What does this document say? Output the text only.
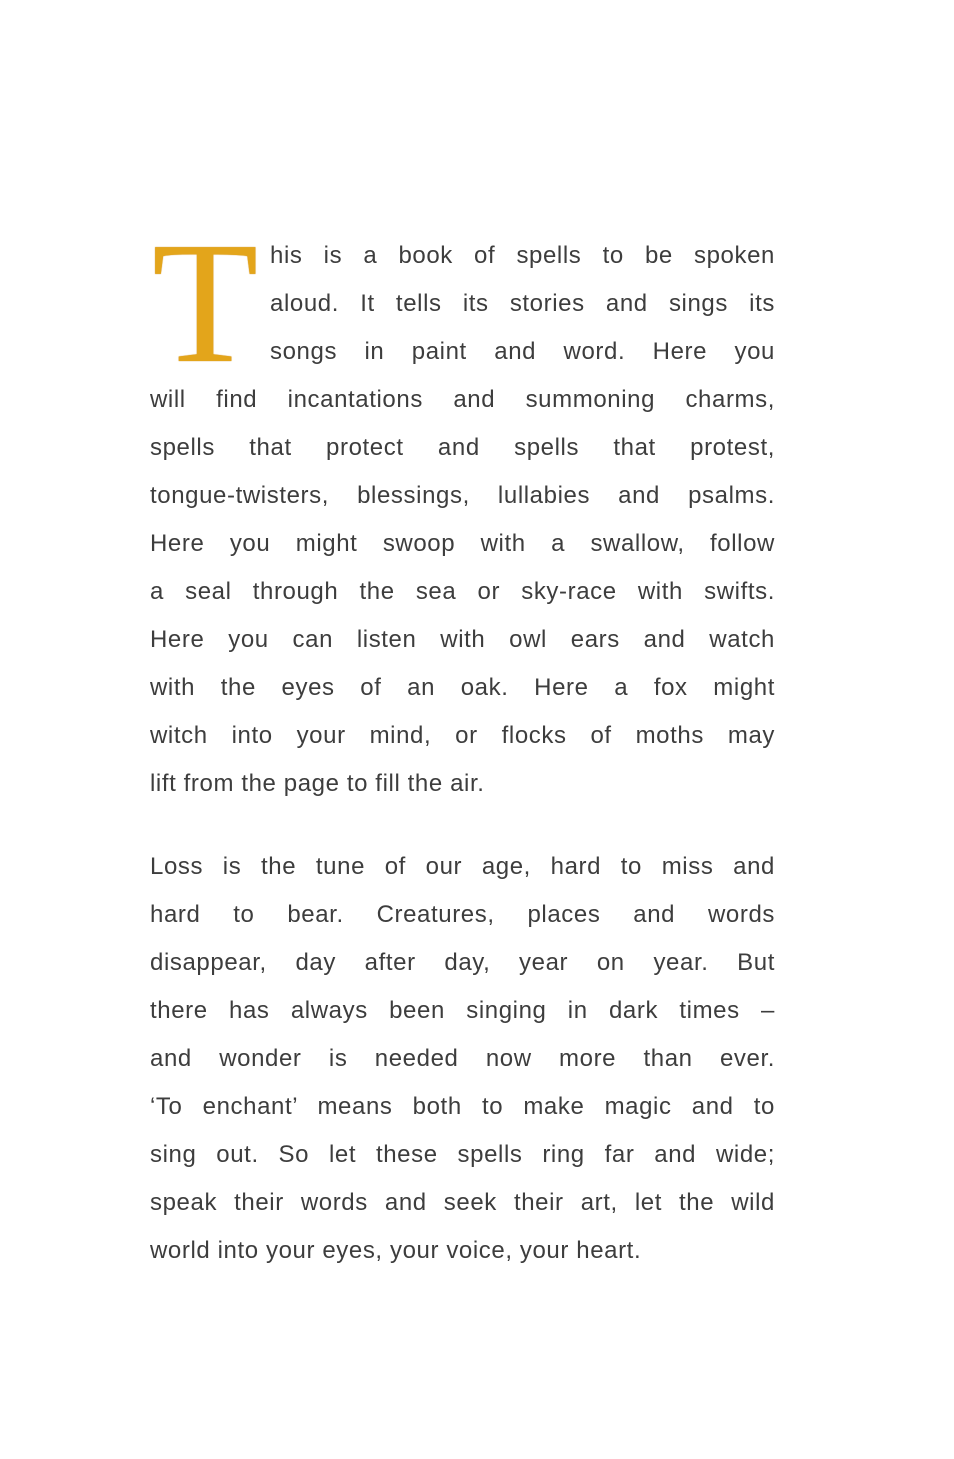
T his is a book of spells to be spoken
aloud. It tells its stories and sings its
songs in paint and word. Here you
will find incantations and summoning charms,
spells that protect and spells that protest,
tongue-twisters, blessings, lullabies and psalms.
Here you might swoop with a swallow, follow
a seal through the sea or sky-race with swifts.
Here you can listen with owl ears and watch
with the eyes of an oak. Here a fox might
witch into your mind, or flocks of moths may
lift from the page to fill the air.
Loss is the tune of our age, hard to miss and
hard to bear. Creatures, places and words
disappear, day after day, year on year. But
there has always been singing in dark times –
and wonder is needed now more than ever.
‘To enchant’ means both to make magic and to
sing out. So let these spells ring far and wide;
speak their words and seek their art, let the wild
world into your eyes, your voice, your heart.
